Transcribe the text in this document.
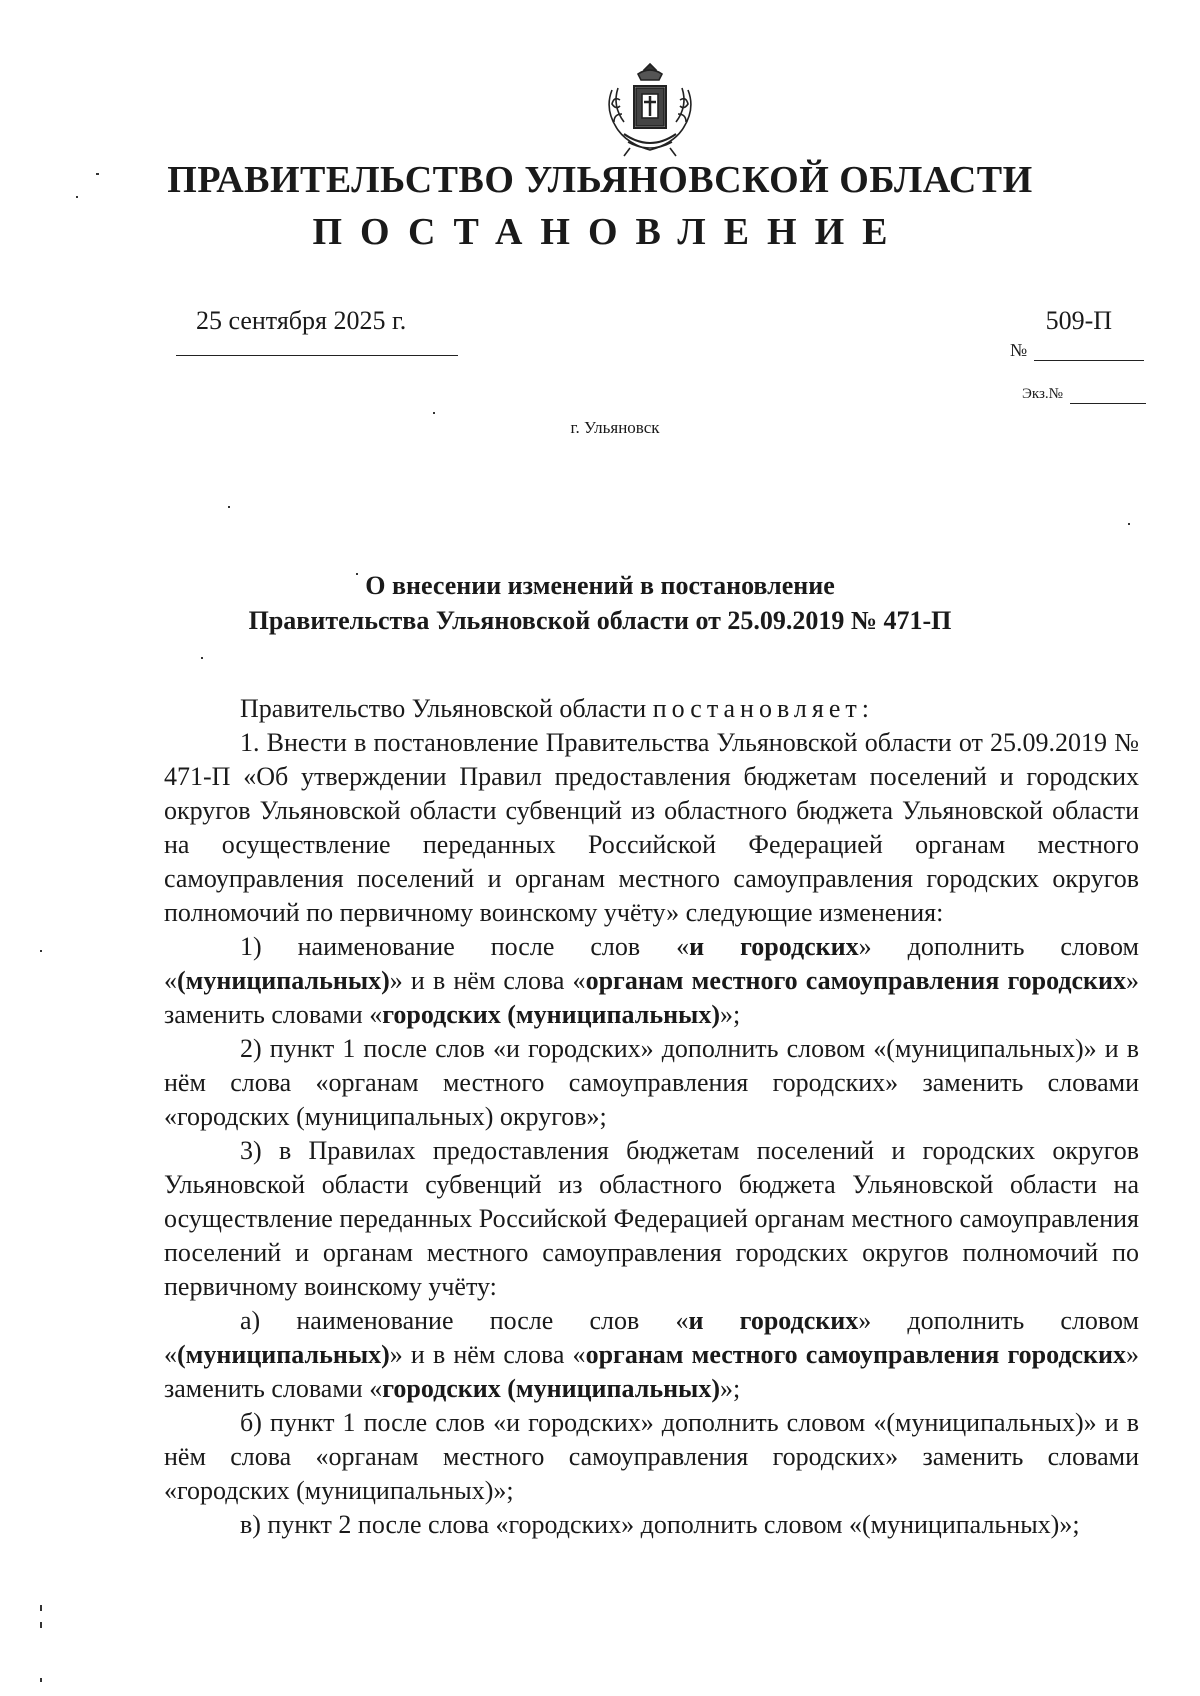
ПРАВИТЕЛЬСТВО УЛЬЯНОВСКОЙ ОБЛАСТИ
ПОСТАНОВЛЕНИЕ
25 сентября 2025 г.	509-П
№
Экз.№
г. Ульяновск
О внесении изменений в постановление
Правительства Ульяновской области от 25.09.2019 № 471-П

Правительство Ульяновской области постановляет:

1. Внести в постановление Правительства Ульяновской области от 25.09.2019 № 471-П «Об утверждении Правил предоставления бюджетам поселений и городских округов Ульяновской области субвенций из областного бюджета Ульяновской области на осуществление переданных Российской Федерацией органам местного самоуправления поселений и органам местного самоуправления городских округов полномочий по первичному воинскому учёту» следующие изменения:

1) наименование после слов «и городских» дополнить словом «(муниципальных)» и в нём слова «органам местного самоуправления городских» заменить словами «городских (муниципальных)»;

2) пункт 1 после слов «и городских» дополнить словом «(муниципальных)» и в нём слова «органам местного самоуправления городских» заменить словами «городских (муниципальных) округов»;

3) в Правилах предоставления бюджетам поселений и городских округов Ульяновской области субвенций из областного бюджета Ульяновской области на осуществление переданных Российской Федерацией органам местного самоуправления поселений и органам местного самоуправления городских округов полномочий по первичному воинскому учёту:

а) наименование после слов «и городских» дополнить словом «(муниципальных)» и в нём слова «органам местного самоуправления городских» заменить словами «городских (муниципальных)»;

б) пункт 1 после слов «и городских» дополнить словом «(муниципальных)» и в нём слова «органам местного самоуправления городских» заменить словами «городских (муниципальных)»;

в) пункт 2 после слова «городских» дополнить словом «(муниципальных)»;
